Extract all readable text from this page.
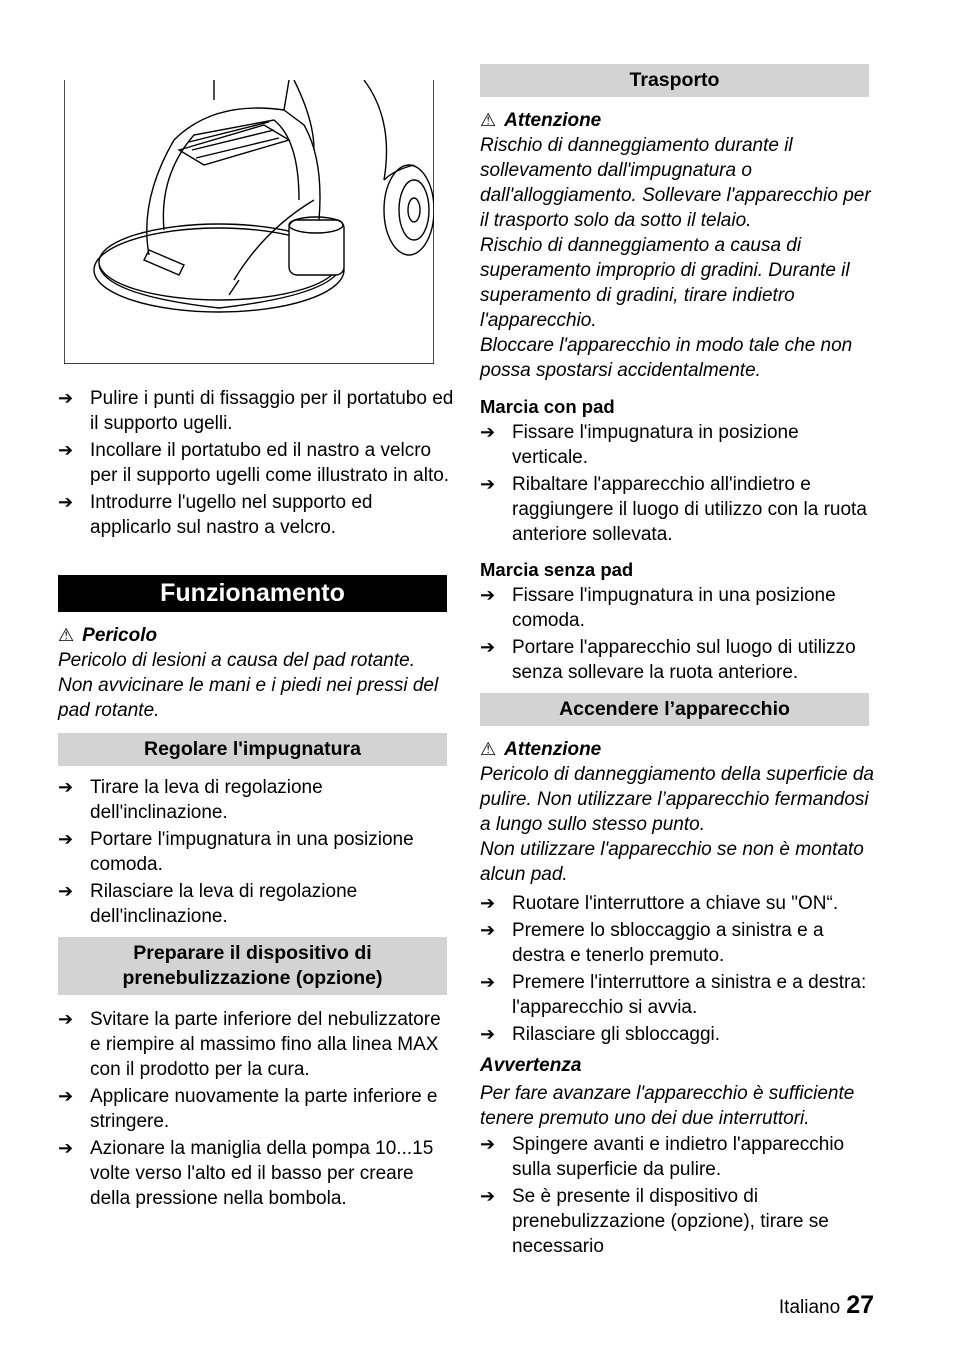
➔ Pulire i punti di fissaggio per il portatubo ed il supporto ugelli.
➔ Incollare il portatubo ed il nastro a velcro per il supporto ugelli come illustrato in alto.
➔ Introdurre l'ugello nel supporto ed applicarlo sul nastro a velcro.
Funzionamento
⚠ Pericolo
Pericolo di lesioni a causa del pad rotante.
Non avvicinare le mani e i piedi nei pressi del pad rotante.
Regolare l'impugnatura
➔ Tirare la leva di regolazione dell'inclinazione.
➔ Portare l'impugnatura in una posizione comoda.
➔ Rilasciare la leva di regolazione dell'inclinazione.
Preparare il dispositivo di prenebulizzazione (opzione)
➔ Svitare la parte inferiore del nebulizzatore e riempire al massimo fino alla linea MAX con il prodotto per la cura.
➔ Applicare nuovamente la parte inferiore e stringere.
➔ Azionare la maniglia della pompa 10...15 volte verso l'alto ed il basso per creare della pressione nella bombola.
Trasporto
⚠ Attenzione
Rischio di danneggiamento durante il sollevamento dall'impugnatura o dall'alloggiamento. Sollevare l'apparecchio per il trasporto solo da sotto il telaio.
Rischio di danneggiamento a causa di superamento improprio di gradini. Durante il superamento di gradini, tirare indietro l'apparecchio.
Bloccare l'apparecchio in modo tale che non possa spostarsi accidentalmente.
Marcia con pad
➔ Fissare l'impugnatura in posizione verticale.
➔ Ribaltare l'apparecchio all'indietro e raggiungere il luogo di utilizzo con la ruota anteriore sollevata.
Marcia senza pad
➔ Fissare l'impugnatura in una posizione comoda.
➔ Portare l'apparecchio sul luogo di utilizzo senza sollevare la ruota anteriore.
Accendere l’apparecchio
⚠ Attenzione
Pericolo di danneggiamento della superficie da pulire. Non utilizzare l’apparecchio fermandosi a lungo sullo stesso punto.
Non utilizzare l'apparecchio se non è montato alcun pad.
➔ Ruotare l'interruttore a chiave su "ON“.
➔ Premere lo sbloccaggio a sinistra e a destra e tenerlo premuto.
➔ Premere l'interruttore a sinistra e a destra: l'apparecchio si avvia.
➔ Rilasciare gli sbloccaggi.
Avvertenza
Per fare avanzare l'apparecchio è sufficiente tenere premuto uno dei due interruttori.
➔ Spingere avanti e indietro l'apparecchio sulla superficie da pulire.
➔ Se è presente il dispositivo di prenebulizzazione (opzione), tirare se necessario
Italiano 27
